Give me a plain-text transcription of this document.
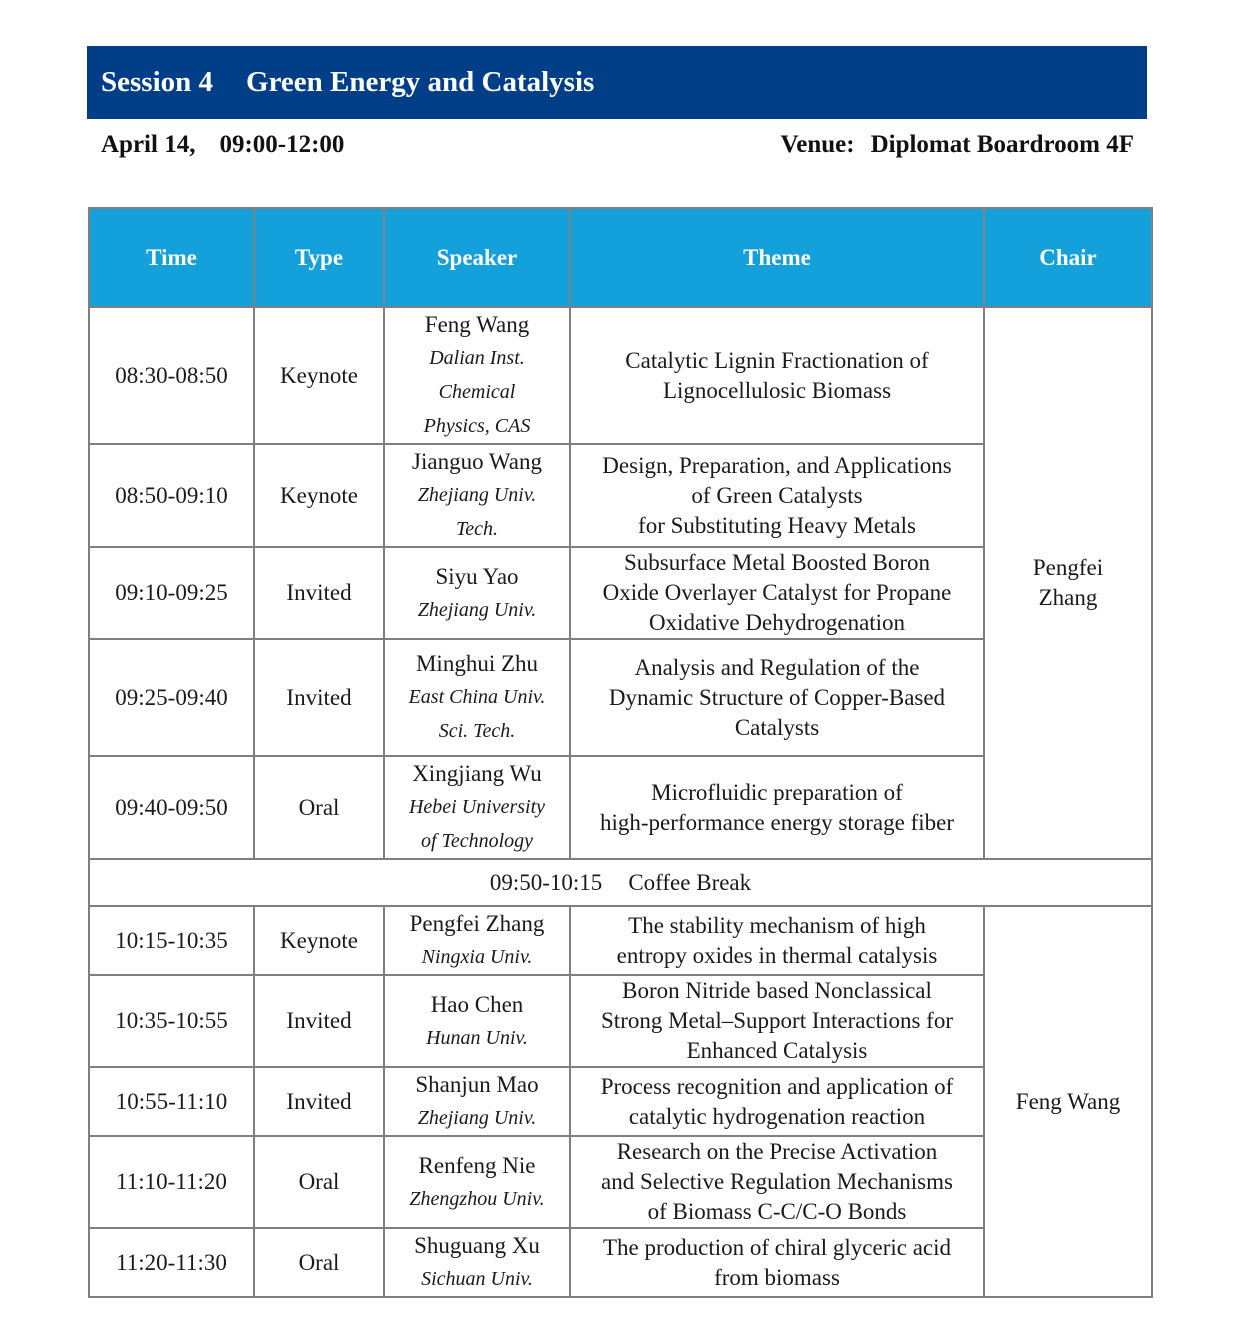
Session 4 Green Energy and Catalysis
April 14, 09:00-12:00	Venue: Diplomat Boardroom 4F
Time	Type	Speaker	Theme	Chair
08:30-08:50	Keynote	Feng Wang
Dalian Inst.
Chemical
Physics, CAS	Catalytic Lignin Fractionation of
Lignocellulosic Biomass	Pengfei
Zhang
08:50-09:10	Keynote	Jianguo Wang
Zhejiang Univ.
Tech.	Design, Preparation, and Applications
of Green Catalysts
for Substituting Heavy Metals	

09:10-09:25	Invited	Siyu Yao
Zhejiang Univ.	Subsurface Metal Boosted Boron
Oxide Overlayer Catalyst for Propane
Oxidative Dehydrogenation	

09:25-09:40	Invited	Minghui Zhu
East China Univ.
Sci. Tech.	Analysis and Regulation of the
Dynamic Structure of Copper-Based
Catalysts	

09:40-09:50	Oral	Xingjiang Wu
Hebei University
of Technology	Microfluidic preparation of
high-performance energy storage fiber	

09:50-10:15 Coffee Break				
10:15-10:35	Keynote	Pengfei Zhang
Ningxia Univ.	The stability mechanism of high
entropy oxides in thermal catalysis	Feng Wang
10:35-10:55	Invited	Hao Chen
Hunan Univ.	Boron Nitride based Nonclassical
Strong Metal–Support Interactions for
Enhanced Catalysis	

10:55-11:10	Invited	Shanjun Mao
Zhejiang Univ.	Process recognition and application of
catalytic hydrogenation reaction	

11:10-11:20	Oral	Renfeng Nie
Zhengzhou Univ.	Research on the Precise Activation
and Selective Regulation Mechanisms
of Biomass C-C/C-O Bonds	

11:20-11:30	Oral	Shuguang Xu
Sichuan Univ.	The production of chiral glyceric acid
from biomass	
